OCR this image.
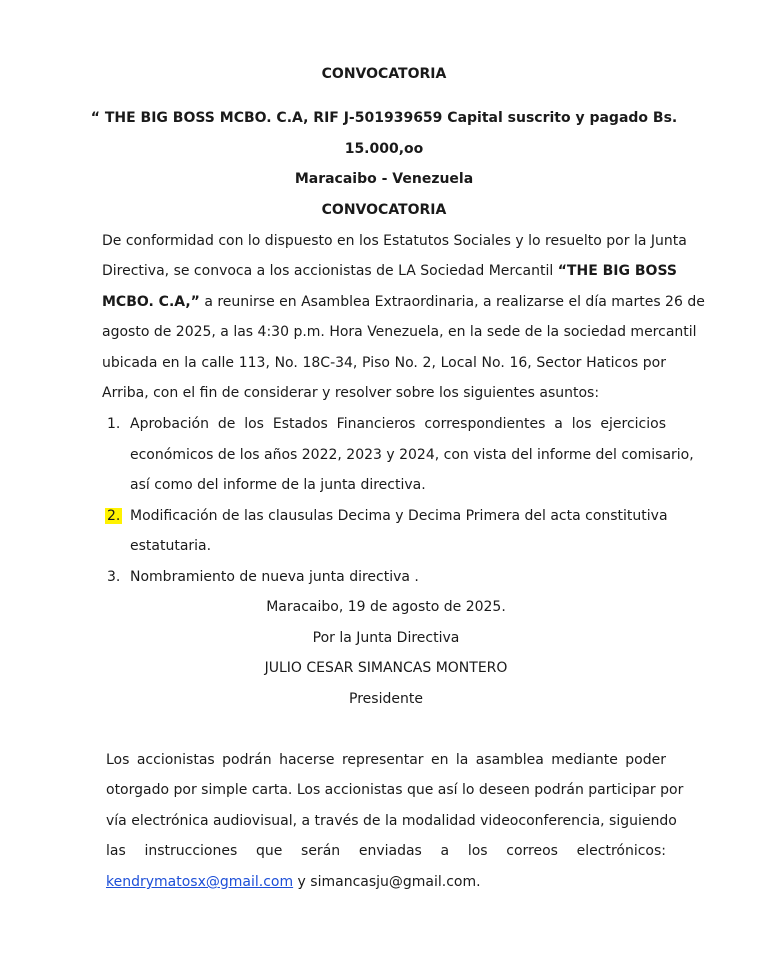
CONVOCATORIA
“ THE BIG BOSS MCBO. C.A, RIF J-501939659 Capital suscrito y pagado Bs.
15.000,oo
Maracaibo - Venezuela
CONVOCATORIA
De conformidad con lo dispuesto en los Estatutos Sociales y lo resuelto por la Junta
Directiva, se convoca a los accionistas de LA Sociedad Mercantil “THE BIG BOSS
MCBO. C.A,” a reunirse en Asamblea Extraordinaria, a realizarse el día martes 26 de
agosto de 2025, a las 4:30 p.m. Hora Venezuela, en la sede de la sociedad mercantil
ubicada en la calle 113, No. 18C-34, Piso No. 2, Local No. 16, Sector Haticos por
Arriba, con el fin de considerar y resolver sobre los siguientes asuntos:
1. Aprobación de los Estados Financieros correspondientes a los ejercicios
económicos de los años 2022, 2023 y 2024, con vista del informe del comisario,
así como del informe de la junta directiva.
2. Modificación de las clausulas Decima y Decima Primera del acta constitutiva
estatutaria.
3. Nombramiento de nueva junta directiva .
Maracaibo, 19 de agosto de 2025.
Por la Junta Directiva
JULIO CESAR SIMANCAS MONTERO
Presidente
Los accionistas podrán hacerse representar en la asamblea mediante poder
otorgado por simple carta. Los accionistas que así lo deseen podrán participar por
vía electrónica audiovisual, a través de la modalidad videoconferencia, siguiendo
las instrucciones que serán enviadas a los correos electrónicos:
kendrymatosx@gmail.com y simancasju@gmail.com.
